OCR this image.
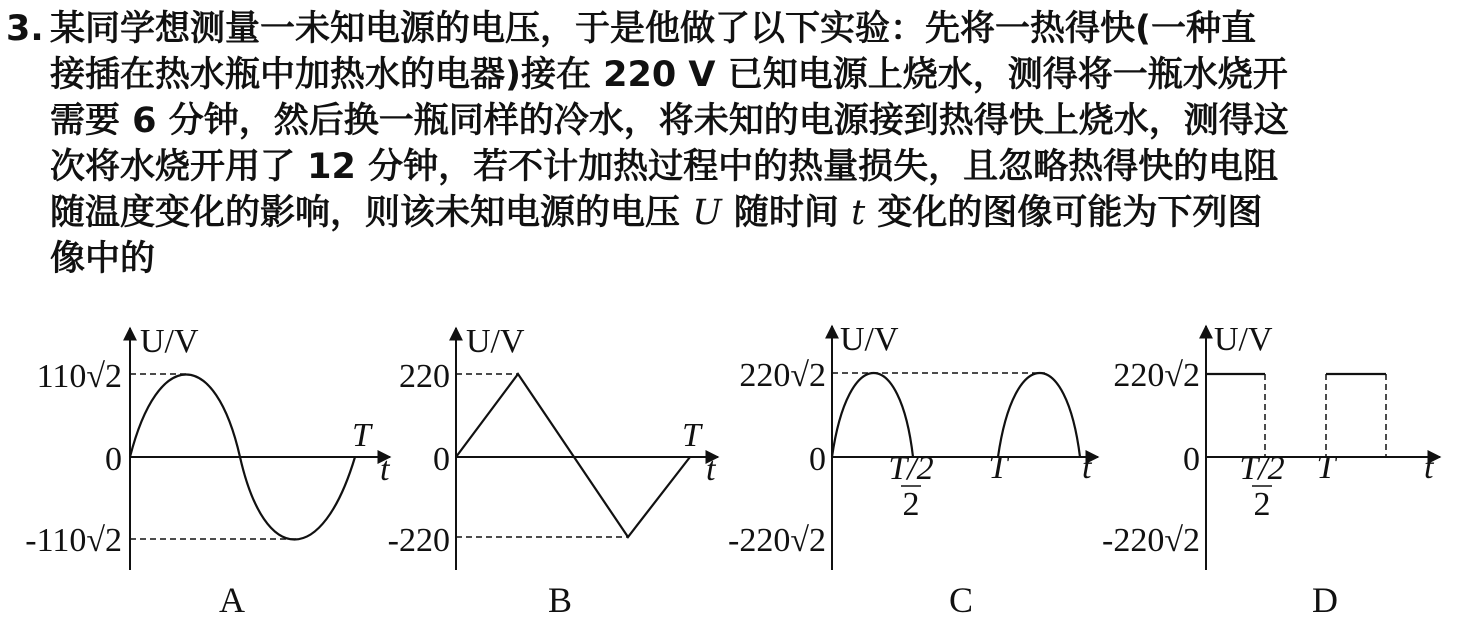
3. 某同学想测量一未知电源的电压，于是他做了以下实验：先将一热得快(一种直
接插在热水瓶中加热水的电器)接在 220 V 已知电源上烧水，测得将一瓶水烧开
需要 6 分钟，然后换一瓶同样的冷水，将未知的电源接到热得快上烧水，测得这
次将水烧开用了 12 分钟，若不计加热过程中的热量损失，且忽略热得快的电阻
随温度变化的影响，则该未知电源的电压 U 随时间 t 变化的图像可能为下列图
像中的
U/V
t
110√2
0
-110√2
T
A
U/V
t
220
0
-220
T
B
U/V
t
220√2
0
-220√2
T/2
2
T
C
U/V
t
220√2
0
-220√2
T/2
2
T
D
